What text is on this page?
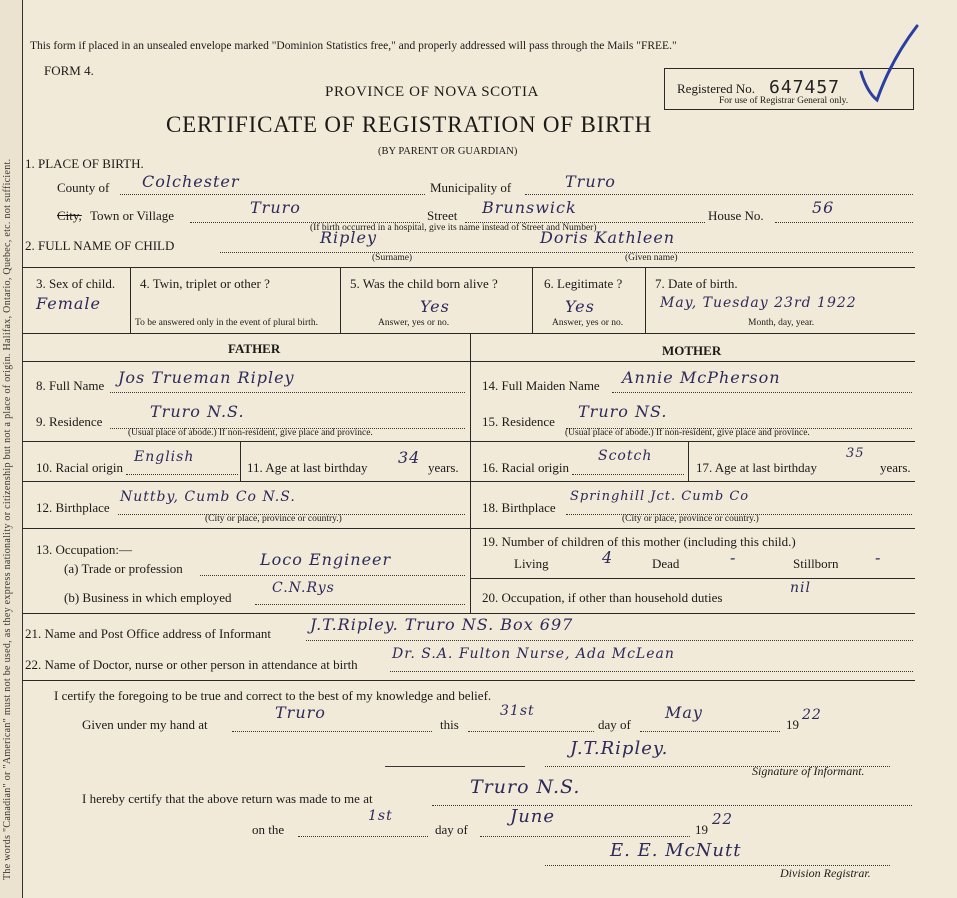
The words "Canadian" or "American" must not be used, as they express nationality or citizenship but not a place of origin. Halifax, Ontario, Quebec, etc. not sufficient.
This form if placed in an unsealed envelope marked "Dominion Statistics free," and properly addressed will pass through the Mails "FREE."
FORM 4.
PROVINCE OF NOVA SCOTIA
CERTIFICATE OF REGISTRATION OF BIRTH
(BY PARENT OR GUARDIAN)
Registered No. 647457
For use of Registrar General only.
1. PLACE OF BIRTH.
County of Colchester	Municipality of	Truro
City, Town or Village	Truro	Street Brunswick	House No.	56
(If birth occurred in a hospital, give its name instead of Street and Number)
2. FULL NAME OF CHILD	Ripley	Doris Kathleen
(Surname)	(Given name)
3. Sex of child.
Female
4. Twin, triplet or other ?
To be answered only in the event of plural birth.
5. Was the child born alive ?
Yes
Answer, yes or no.
6. Legitimate ?
Yes
Answer, yes or no.
7. Date of birth.
May, Tuesday 23rd 1922
Month, day, year.
FATHER	MOTHER
8. Full Name Jos Trueman Ripley
9. Residence
Truro N.S.
(Usual place of abode.) If non-resident, give place and province.
10. Racial origin
English
11. Age at last birthday
34
years.
12. Birthplace
Nuttby, Cumb Co N.S.
(City or place, province or country.)
13. Occupation:—
(a) Trade or profession	Loco Engineer
(b) Business in which employed
C.N.Rys
14. Full Maiden Name Annie McPherson
15. Residence
Truro NS.
(Usual place of abode.) If non-resident, give place and province.
16. Racial origin
Scotch
17. Age at last birthday
35
years.
18. Birthplace
Springhill Jct. Cumb Co
(City or place, province or country.)
19. Number of children of this mother (including this child.)
Living	4	Dead	-	Stillborn -
20. Occupation, if other than household duties
nil
21. Name and Post Office address of Informant J.T.Ripley. Truro NS. Box 697
22. Name of Doctor, nurse or other person in attendance at birth
Dr. S.A. Fulton Nurse, Ada McLean
I certify the foregoing to be true and correct to the best of my knowledge and belief.
Given under my hand at
Truro
this
31st
day of
May
19
22
J.T.Ripley.
Signature of Informant.
I hereby certify that the above return was made to me at
Truro N.S.
on the
1st
day of
June
19
22
E. E. McNutt
Division Registrar.
